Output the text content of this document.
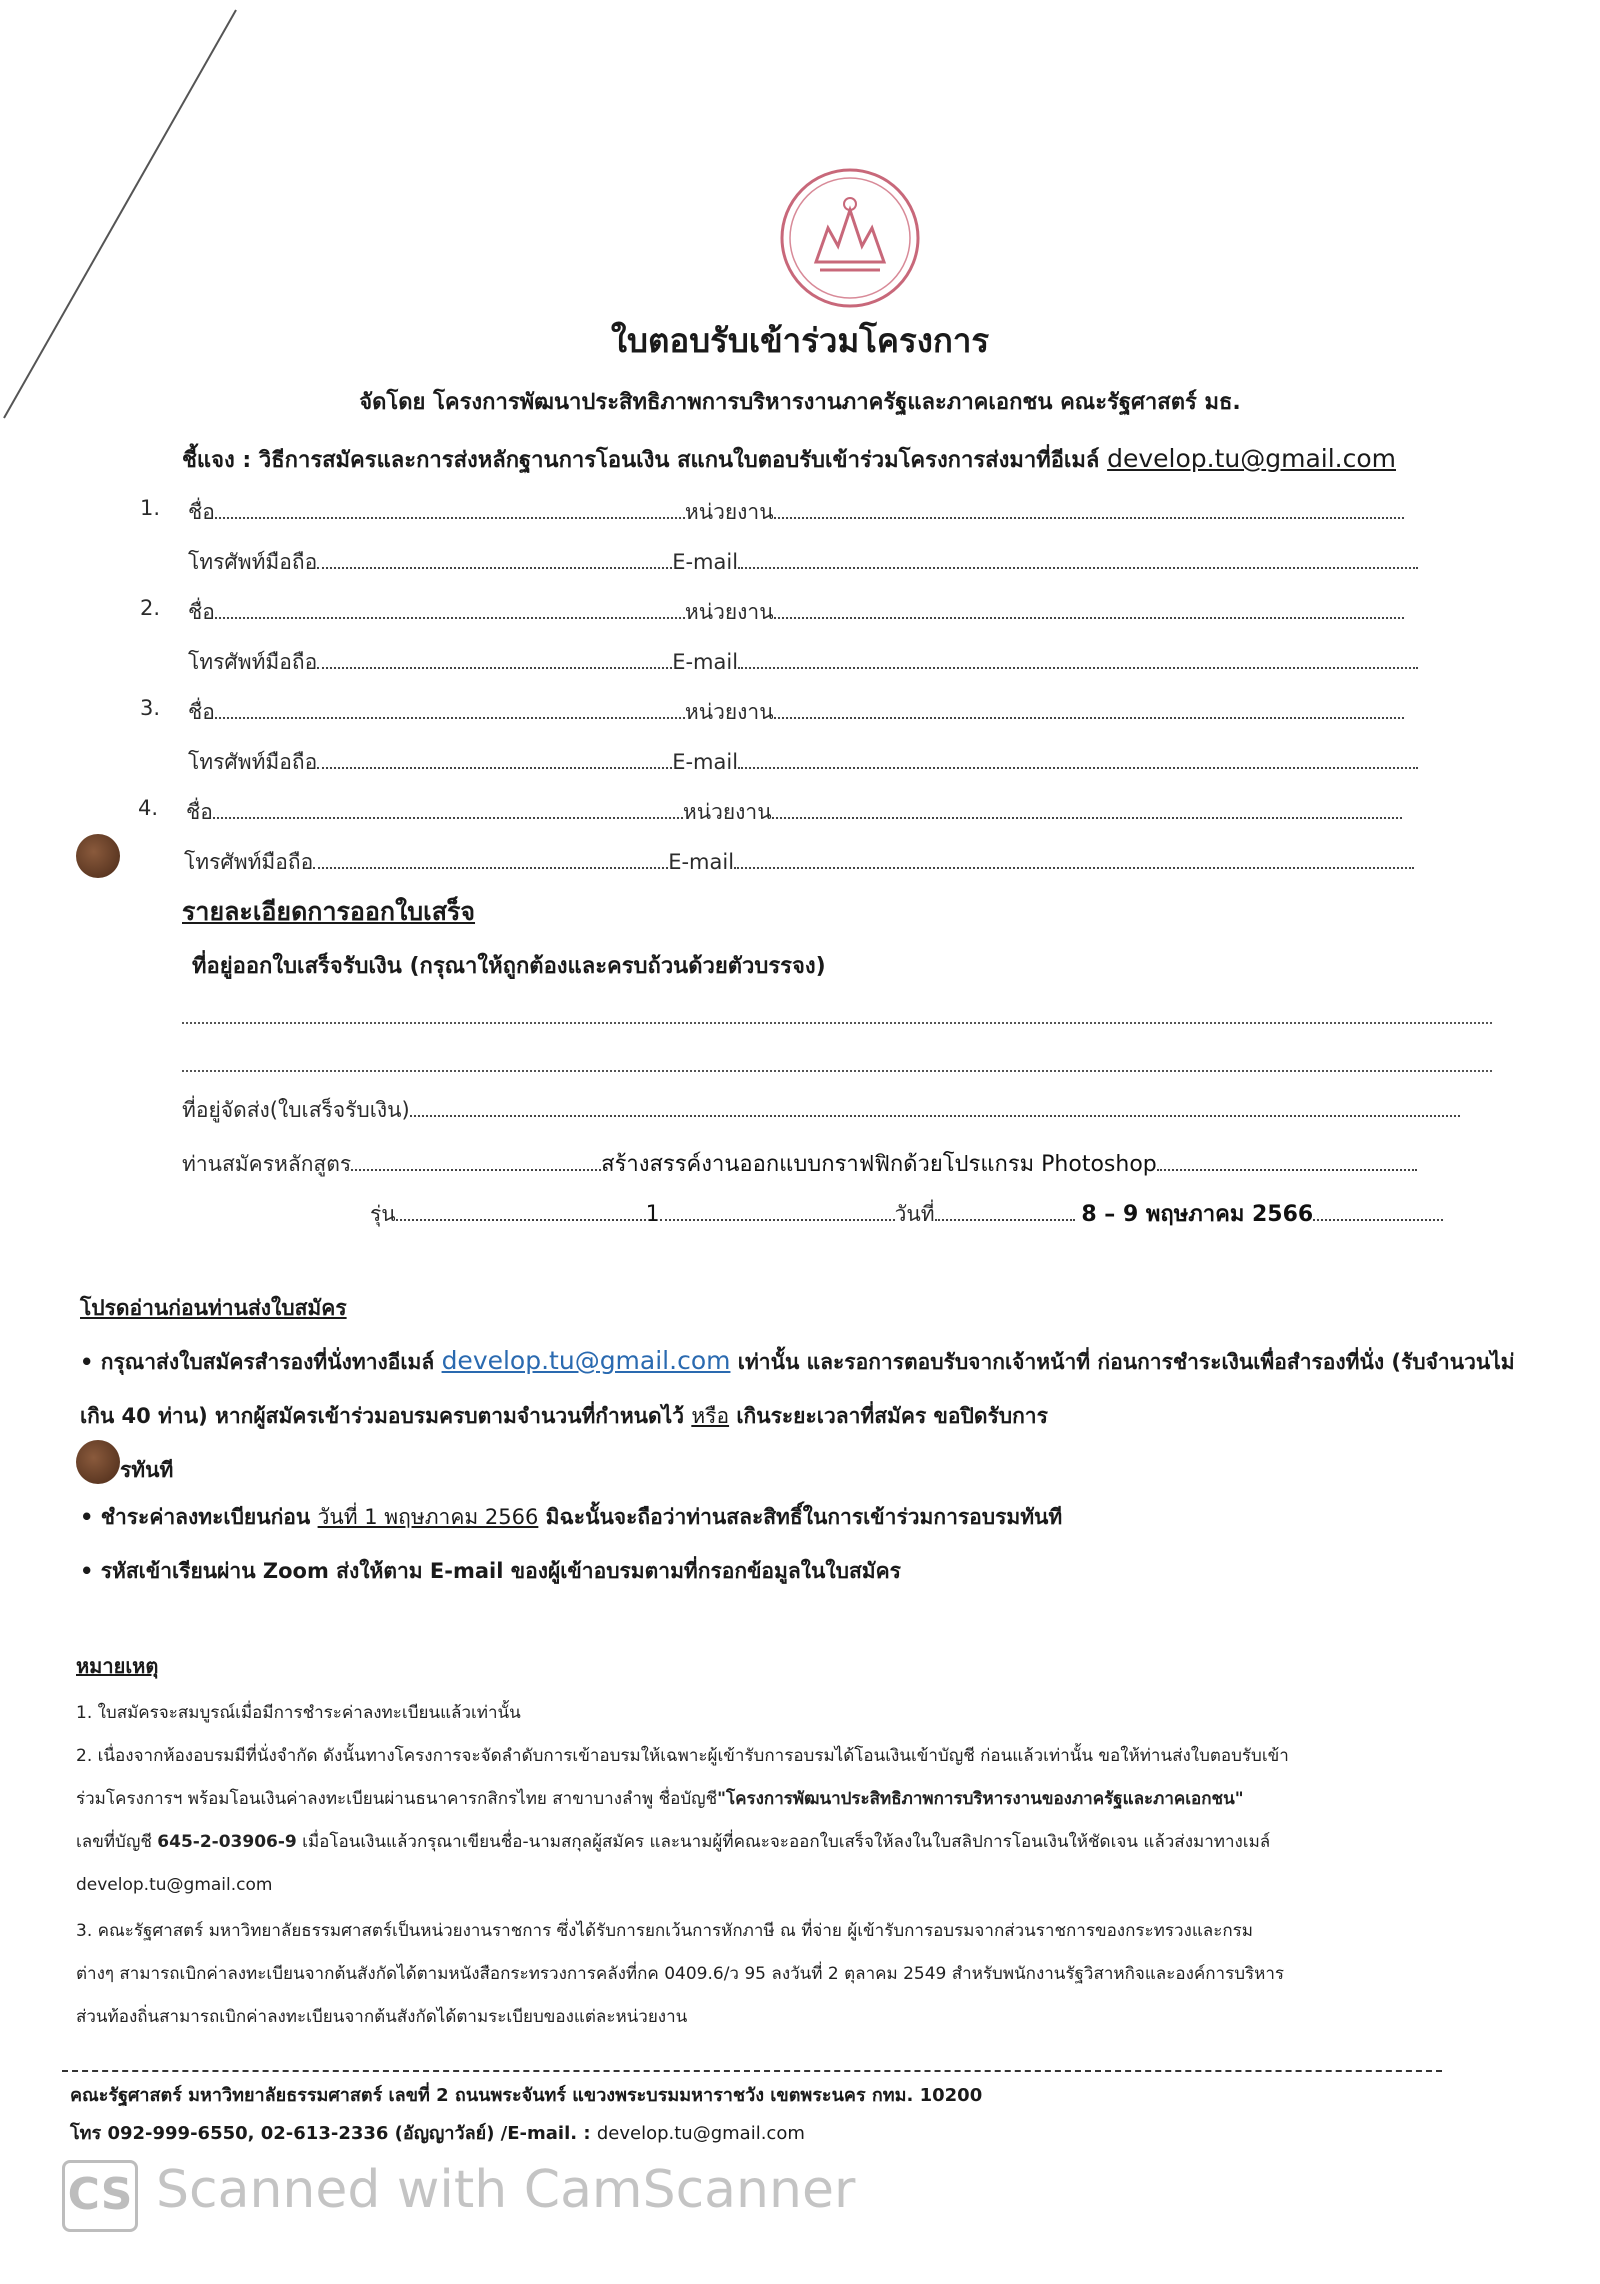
ใบตอบรับเข้าร่วมโครงการ
จัดโดย โครงการพัฒนาประสิทธิภาพการบริหารงานภาครัฐและภาคเอกชน คณะรัฐศาสตร์ มธ.
ชี้แจง : วิธีการสมัครและการส่งหลักฐานการโอนเงิน สแกนใบตอบรับเข้าร่วมโครงการส่งมาที่อีเมล์ develop.tu@gmail.com
1. ชื่อ	หน่วยงาน
โทรศัพท์มือถือ	E-mail
2. ชื่อ	หน่วยงาน
โทรศัพท์มือถือ	E-mail
3. ชื่อ	หน่วยงาน
โทรศัพท์มือถือ	E-mail
4. ชื่อ	หน่วยงาน
โทรศัพท์มือถือ	E-mail
รายละเอียดการออกใบเสร็จ
ที่อยู่ออกใบเสร็จรับเงิน (กรุณาให้ถูกต้องและครบถ้วนด้วยตัวบรรจง)
ที่อยู่จัดส่ง(ใบเสร็จรับเงิน)
ท่านสมัครหลักสูตร	สร้างสรรค์งานออกแบบกราฟฟิกด้วยโปรแกรม Photoshop
รุ่น	1	วันที่	8 – 9 พฤษภาคม 2566
โปรดอ่านก่อนท่านส่งใบสมัคร
• กรุณาส่งใบสมัครสำรองที่นั่งทางอีเมล์ develop.tu@gmail.com เท่านั้น และรอการตอบรับจากเจ้าหน้าที่ ก่อนการชำระเงินเพื่อสำรองที่นั่ง (รับจำนวนไม่เกิน 40 ท่าน) หากผู้สมัครเข้าร่วมอบรมครบตามจำนวนที่กำหนดไว้ หรือ เกินระยะเวลาที่สมัคร ขอปิดรับการ
รทันที
• ชำระค่าลงทะเบียนก่อน วันที่ 1 พฤษภาคม 2566 มิฉะนั้นจะถือว่าท่านสละสิทธิ์ในการเข้าร่วมการอบรมทันที
• รหัสเข้าเรียนผ่าน Zoom ส่งให้ตาม E-mail ของผู้เข้าอบรมตามที่กรอกข้อมูลในใบสมัคร
หมายเหตุ
1. ใบสมัครจะสมบูรณ์เมื่อมีการชำระค่าลงทะเบียนแล้วเท่านั้น
2. เนื่องจากห้องอบรมมีที่นั่งจำกัด ดังนั้นทางโครงการจะจัดลำดับการเข้าอบรมให้เฉพาะผู้เข้ารับการอบรมได้โอนเงินเข้าบัญชี ก่อนแล้วเท่านั้น ขอให้ท่านส่งใบตอบรับเข้า
ร่วมโครงการฯ พร้อมโอนเงินค่าลงทะเบียนผ่านธนาคารกสิกรไทย สาขาบางลำพู ชื่อบัญชี"โครงการพัฒนาประสิทธิภาพการบริหารงานของภาครัฐและภาคเอกชน"
เลขที่บัญชี 645-2-03906-9 เมื่อโอนเงินแล้วกรุณาเขียนชื่อ-นามสกุลผู้สมัคร และนามผู้ที่คณะจะออกใบเสร็จให้ลงในใบสลิปการโอนเงินให้ชัดเจน แล้วส่งมาทางเมล์
develop.tu@gmail.com
3. คณะรัฐศาสตร์ มหาวิทยาลัยธรรมศาสตร์เป็นหน่วยงานราชการ ซึ่งได้รับการยกเว้นการหักภาษี ณ ที่จ่าย ผู้เข้ารับการอบรมจากส่วนราชการของกระทรวงและกรม
ต่างๆ สามารถเบิกค่าลงทะเบียนจากต้นสังกัดได้ตามหนังสือกระทรวงการคลังที่กค 0409.6/ว 95 ลงวันที่ 2 ตุลาคม 2549 สำหรับพนักงานรัฐวิสาหกิจและองค์การบริหาร
ส่วนท้องถิ่นสามารถเบิกค่าลงทะเบียนจากต้นสังกัดได้ตามระเบียบของแต่ละหน่วยงาน
คณะรัฐศาสตร์ มหาวิทยาลัยธรรมศาสตร์ เลขที่ 2 ถนนพระจันทร์ แขวงพระบรมมหาราชวัง เขตพระนคร กทม. 10200
โทร 092-999-6550, 02-613-2336 (อัญญาวัลย์) /E-mail. : develop.tu@gmail.com
CS Scanned with CamScanner
